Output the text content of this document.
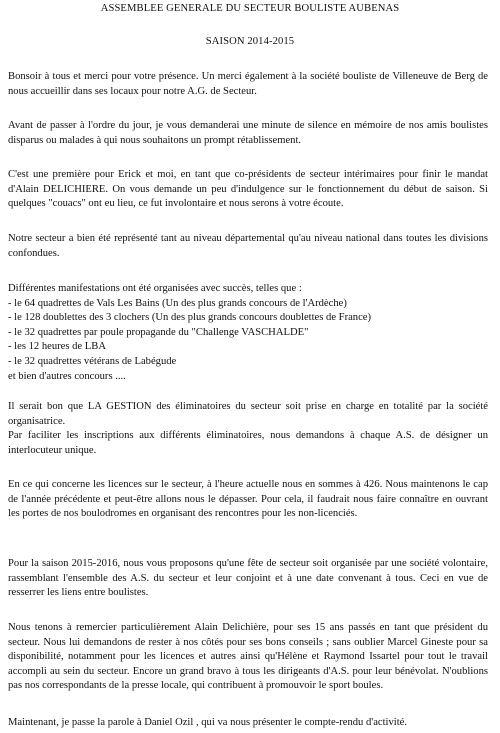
ASSEMBLEE GENERALE DU SECTEUR BOULISTE AUBENAS
SAISON 2014-2015

Bonsoir à tous et merci pour votre présence. Un merci également à la société bouliste de Villeneuve de Berg de nous accueillir dans ses locaux pour notre A.G. de Secteur.

Avant de passer à l'ordre du jour, je vous demanderai une minute de silence en mémoire de nos amis boulistes disparus ou malades à qui nous souhaitons un prompt rétablissement.

C'est une première pour Erick et moi, en tant que co-présidents de secteur intérimaires pour finir le mandat d'Alain DELICHIERE. On vous demande un peu d'indulgence sur le fonctionnement du début de saison. Si quelques "couacs" ont eu lieu, ce fut involontaire et nous serons à votre écoute.

Notre secteur a bien été représenté tant au niveau départemental qu'au niveau national dans toutes les divisions confondues.

Différentes manifestations ont été organisées avec succès, telles que :
- le 64 quadrettes de Vals Les Bains (Un des plus grands concours de l'Ardèche)
- le 128 doublettes des 3 clochers (Un des plus grands concours doublettes de France)
- le 32 quadrettes par poule propagande du "Challenge VASCHALDE"
- les 12 heures de LBA
- le 32 quadrettes vétérans de Labégude
et bien d'autres concours ....

Il serait bon que LA GESTION des éliminatoires du secteur soit prise en charge en totalité par la société organisatrice.

Par faciliter les inscriptions aux différents éliminatoires, nous demandons à chaque A.S. de désigner un interlocuteur unique.

En ce qui concerne les licences sur le secteur, à l'heure actuelle nous en sommes à 426. Nous maintenons le cap de l'année précédente et peut-être allons nous le dépasser. Pour cela, il faudrait nous faire connaître en ouvrant les portes de nos boulodromes en organisant des rencontres pour les non-licenciés.

Pour la saison 2015-2016, nous vous proposons qu'une fête de secteur soit organisée par une société volontaire, rassemblant l'ensemble des A.S. du secteur et leur conjoint et à une date convenant à tous. Ceci en vue de resserrer les liens entre boulistes.

Nous tenons à remercier particulièrement Alain Delichière, pour ses 15 ans passés en tant que président du secteur. Nous lui demandons de rester à nos côtés pour ses bons conseils ; sans oublier Marcel Gineste pour sa disponibilité, notamment pour les licences et autres ainsi qu'Hélène et Raymond Issartel pour tout le travail accompli au sein du secteur. Encore un grand bravo à tous les dirigeants d'A.S. pour leur bénévolat. N'oublions pas nos correspondants de la presse locale, qui contribuent à promouvoir le sport boules.

Maintenant, je passe la parole à Daniel Ozil , qui va nous présenter le compte-rendu d'activité.
